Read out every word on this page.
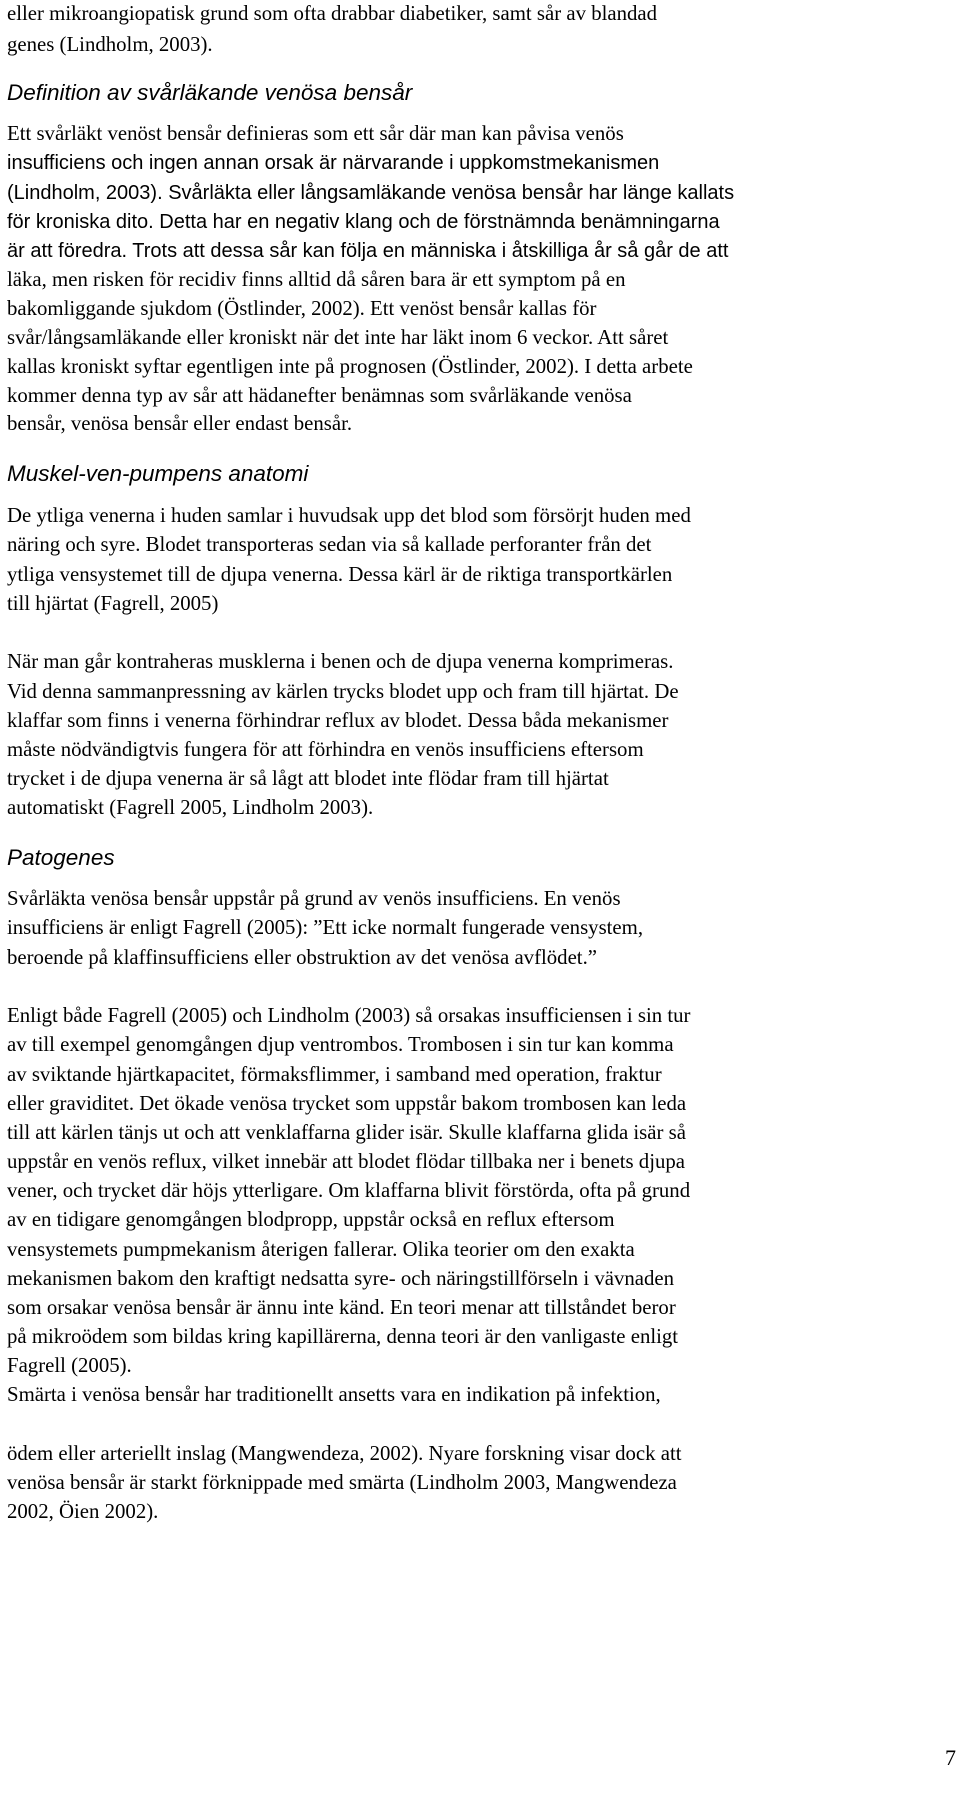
eller mikroangiopatisk grund som ofta drabbar diabetiker, samt sår av blandad
genes (Lindholm, 2003).
Definition av svårläkande venösa bensår
Ett svårläkt venöst bensår definieras som ett sår där man kan påvisa venös
insufficiens och ingen annan orsak är närvarande i uppkomstmekanismen
(Lindholm, 2003). Svårläkta eller långsamläkande venösa bensår har länge kallats
för kroniska dito. Detta har en negativ klang och de förstnämnda benämningarna
är att föredra. Trots att dessa sår kan följa en människa i åtskilliga år så går de att
läka, men risken för recidiv finns alltid då såren bara är ett symptom på en
bakomliggande sjukdom (Östlinder, 2002). Ett venöst bensår kallas för
svår/långsamläkande eller kroniskt när det inte har läkt inom 6 veckor. Att såret
kallas kroniskt syftar egentligen inte på prognosen (Östlinder, 2002). I detta arbete
kommer denna typ av sår att hädanefter benämnas som svårläkande venösa
bensår, venösa bensår eller endast bensår.
Muskel-ven-pumpens anatomi
De ytliga venerna i huden samlar i huvudsak upp det blod som försörjt huden med
näring och syre. Blodet transporteras sedan via så kallade perforanter från det
ytliga vensystemet till de djupa venerna. Dessa kärl är de riktiga transportkärlen
till hjärtat (Fagrell, 2005)
När man går kontraheras musklerna i benen och de djupa venerna komprimeras.
Vid denna sammanpressning av kärlen trycks blodet upp och fram till hjärtat. De
klaffar som finns i venerna förhindrar reflux av blodet. Dessa båda mekanismer
måste nödvändigtvis fungera för att förhindra en venös insufficiens eftersom
trycket i de djupa venerna är så lågt att blodet inte flödar fram till hjärtat
automatiskt (Fagrell 2005, Lindholm 2003).
Patogenes
Svårläkta venösa bensår uppstår på grund av venös insufficiens. En venös
insufficiens är enligt Fagrell (2005): ”Ett icke normalt fungerade vensystem,
beroende på klaffinsufficiens eller obstruktion av det venösa avflödet.”
Enligt både Fagrell (2005) och Lindholm (2003) så orsakas insufficiensen i sin tur
av till exempel genomgången djup ventrombos. Trombosen i sin tur kan komma
av sviktande hjärtkapacitet, förmaksflimmer, i samband med operation, fraktur
eller graviditet. Det ökade venösa trycket som uppstår bakom trombosen kan leda
till att kärlen tänjs ut och att venklaffarna glider isär. Skulle klaffarna glida isär så
uppstår en venös reflux, vilket innebär att blodet flödar tillbaka ner i benets djupa
vener, och trycket där höjs ytterligare. Om klaffarna blivit förstörda, ofta på grund
av en tidigare genomgången blodpropp, uppstår också en reflux eftersom
vensystemets pumpmekanism återigen fallerar. Olika teorier om den exakta
mekanismen bakom den kraftigt nedsatta syre- och näringstillförseln i vävnaden
som orsakar venösa bensår är ännu inte känd. En teori menar att tillståndet beror
på mikroödem som bildas kring kapillärerna, denna teori är den vanligaste enligt
Fagrell (2005).
Smärta i venösa bensår har traditionellt ansetts vara en indikation på infektion,
ödem eller arteriellt inslag (Mangwendeza, 2002). Nyare forskning visar dock att
venösa bensår är starkt förknippade med smärta (Lindholm 2003, Mangwendeza
2002, Öien 2002).
7
